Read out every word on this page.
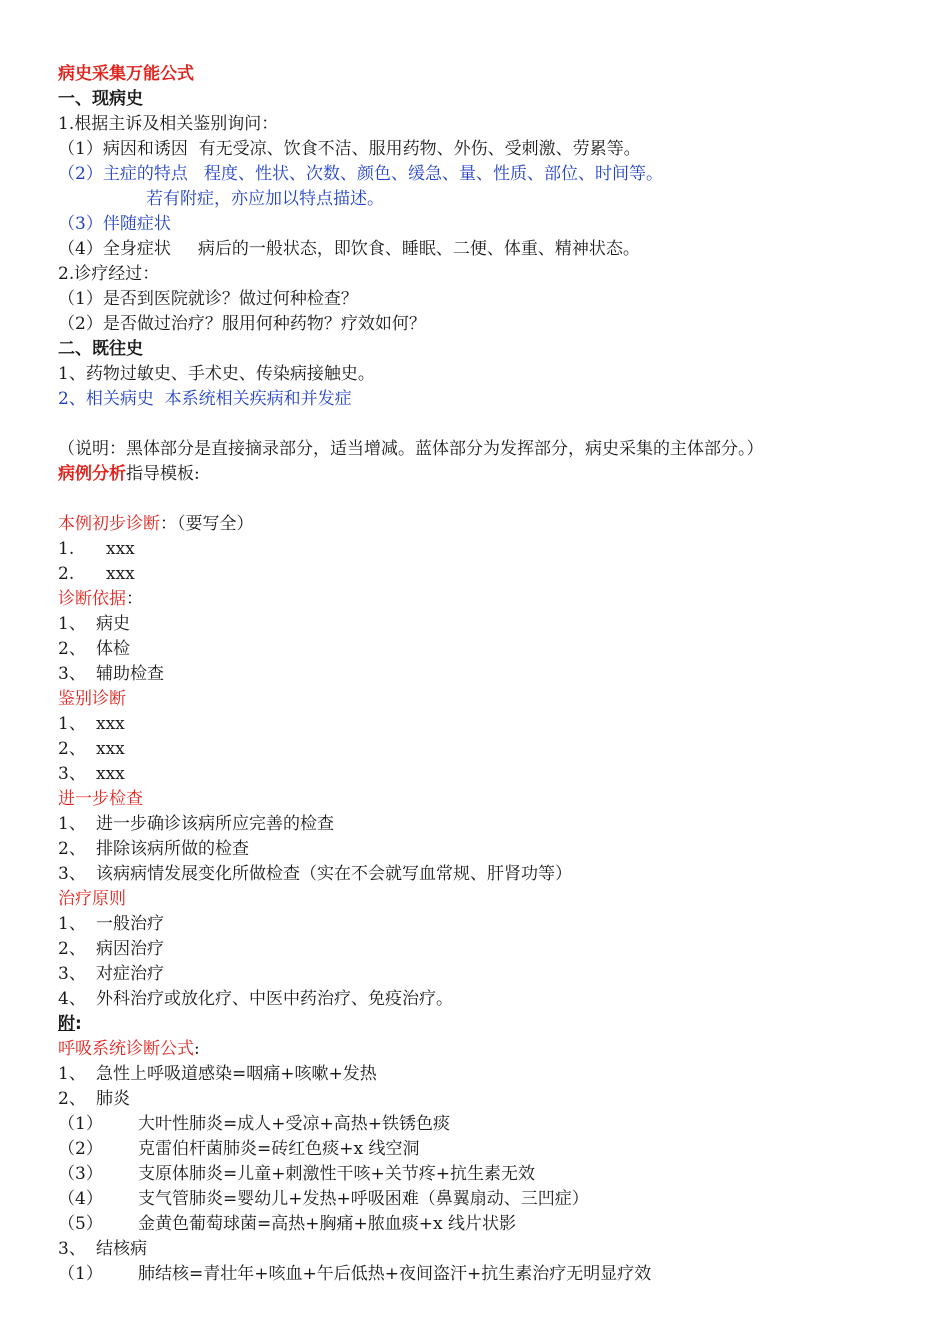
病史采集万能公式
一、现病史
1.根据主诉及相关鉴别询问：
（1）病因和诱因  有无受凉、饮食不洁、服用药物、外伤、受刺激、劳累等。
（2）主症的特点   程度、性状、次数、颜色、缓急、量、性质、部位、时间等。
若有附症，亦应加以特点描述。
（3）伴随症状
（4）全身症状     病后的一般状态，即饮食、睡眠、二便、体重、精神状态。
2.诊疗经过：
（1）是否到医院就诊？做过何种检查？
（2）是否做过治疗？服用何种药物？疗效如何？
二、既往史
1、药物过敏史、手术史、传染病接触史。
2、相关病史  本系统相关疾病和并发症
（说明：黑体部分是直接摘录部分，适当增减。蓝体部分为发挥部分，病史采集的主体部分。）
病例分析指导模板:
本例初步诊断：（要写全）
1. xxx
2. xxx
诊断依据：
1、 病史
2、 体检
3、 辅助检查
鉴别诊断
1、 xxx
2、 xxx
3、 xxx
进一步检查
1、 进一步确诊该病所应完善的检查
2、 排除该病所做的检查
3、 该病病情发展变化所做检查（实在不会就写血常规、肝肾功等）
治疗原则
1、 一般治疗
2、 病因治疗
3、 对症治疗
4、 外科治疗或放化疗、中医中药治疗、免疫治疗。
附:
呼吸系统诊断公式:
1、 急性上呼吸道感染=咽痛+咳嗽+发热
2、 肺炎
（1） 大叶性肺炎=成人+受凉+高热+铁锈色痰
（2） 克雷伯杆菌肺炎=砖红色痰+x 线空洞
（3） 支原体肺炎=儿童+刺激性干咳+关节疼+抗生素无效
（4） 支气管肺炎=婴幼儿+发热+呼吸困难（鼻翼扇动、三凹症）
（5） 金黄色葡萄球菌=高热+胸痛+脓血痰+x 线片状影
3、 结核病
（1） 肺结核=青壮年+咳血+午后低热+夜间盗汗+抗生素治疗无明显疗效
